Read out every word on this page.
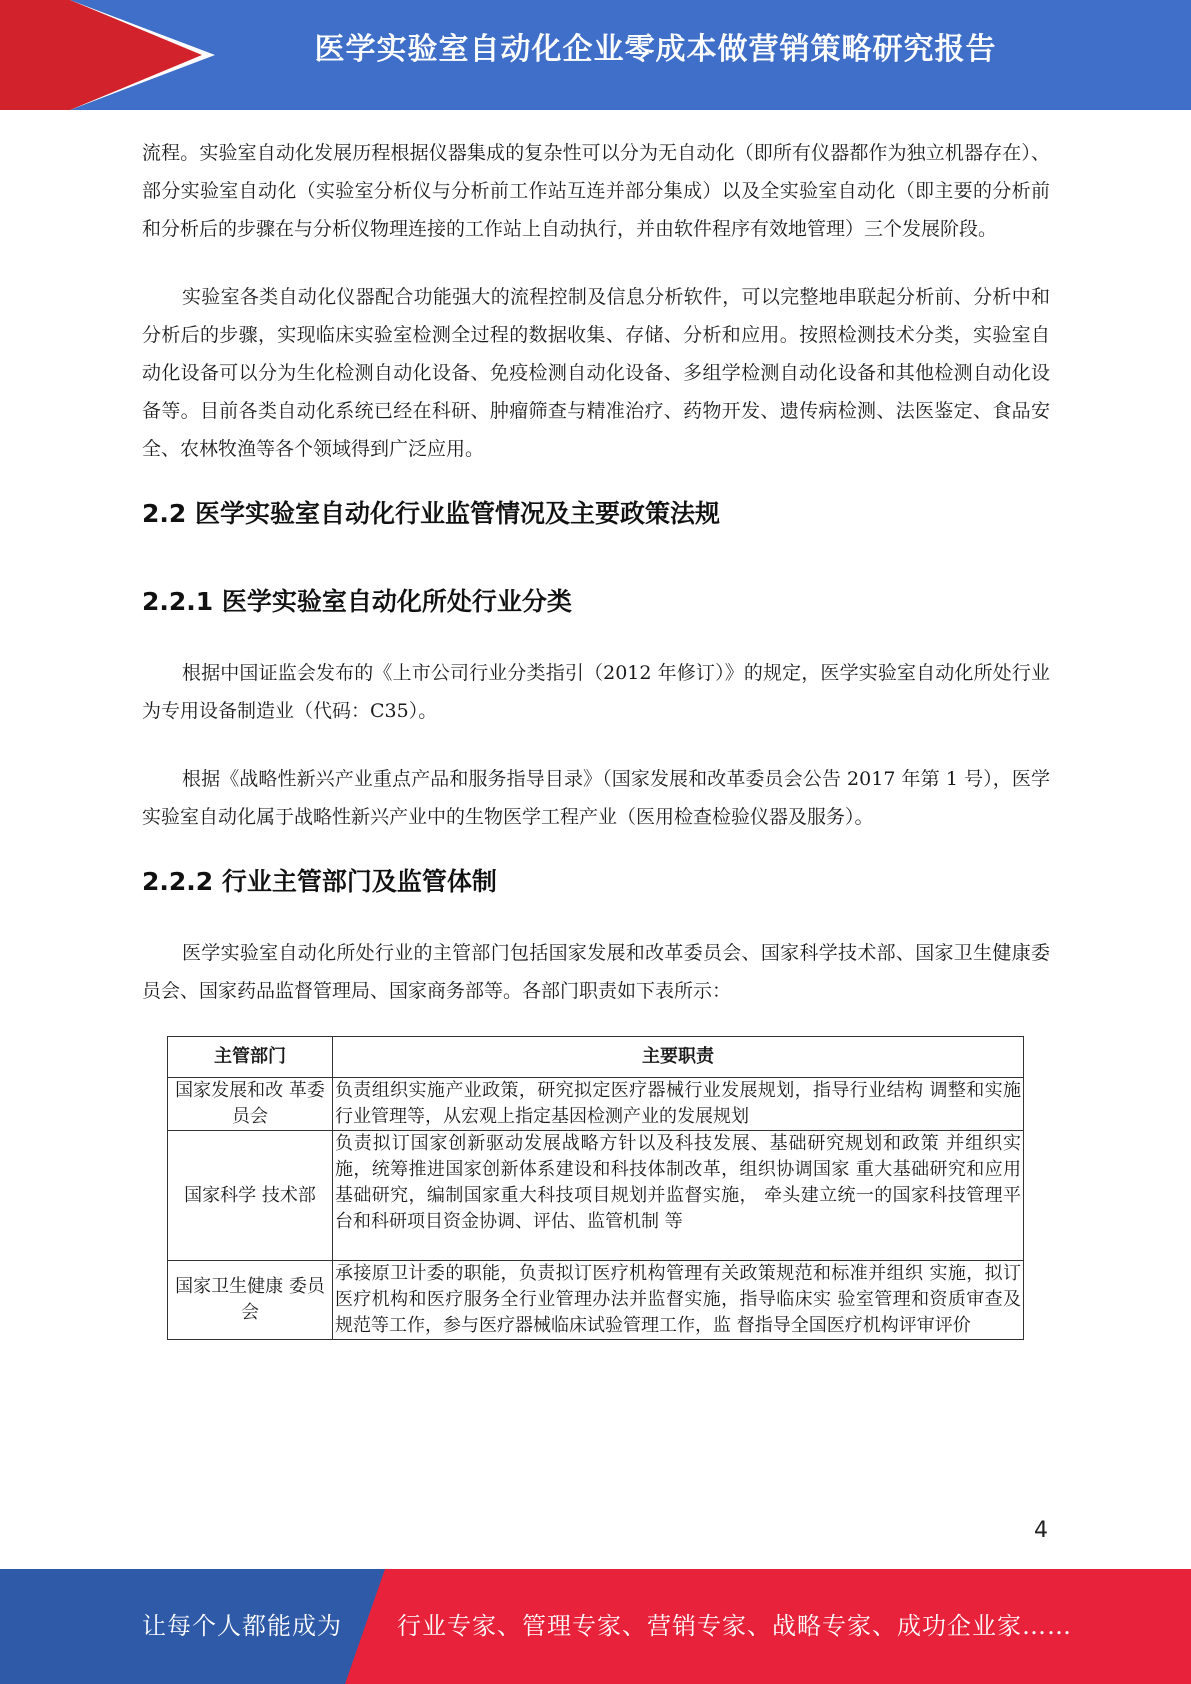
医学实验室自动化企业零成本做营销策略研究报告

流程。实验室自动化发展历程根据仪器集成的复杂性可以分为无自动化（即所有仪器都作为独立机器存在）、部分实验室自动化（实验室分析仪与分析前工作站互连并部分集成）以及全实验室自动化（即主要的分析前和分析后的步骤在与分析仪物理连接的工作站上自动执行，并由软件程序有效地管理）三个发展阶段。

实验室各类自动化仪器配合功能强大的流程控制及信息分析软件，可以完整地串联起分析前、分析中和分析后的步骤，实现临床实验室检测全过程的数据收集、存储、分析和应用。按照检测技术分类，实验室自动化设备可以分为生化检测自动化设备、免疫检测自动化设备、多组学检测自动化设备和其他检测自动化设备等。目前各类自动化系统已经在科研、肿瘤筛查与精准治疗、药物开发、遗传病检测、法医鉴定、食品安全、农林牧渔等各个领域得到广泛应用。

2.2 医学实验室自动化行业监管情况及主要政策法规
2.2.1 医学实验室自动化所处行业分类

根据中国证监会发布的《上市公司行业分类指引（2012 年修订）》的规定，医学实验室自动化所处行业为专用设备制造业（代码：C35）。

根据《战略性新兴产业重点产品和服务指导目录》（国家发展和改革委员会公告 2017 年第 1 号），医学实验室自动化属于战略性新兴产业中的生物医学工程产业（医用检查检验仪器及服务）。

2.2.2 行业主管部门及监管体制

医学实验室自动化所处行业的主管部门包括国家发展和改革委员会、国家科学技术部、国家卫生健康委员会、国家药品监督管理局、国家商务部等。各部门职责如下表所示：

主管部门	主要职责
国家发展和改 革委员会	负责组织实施产业政策，研究拟定医疗器械行业发展规划，指导行业结构 调整和实施行业管理等，从宏观上指定基因检测产业的发展规划
国家科学 技术部	负责拟订国家创新驱动发展战略方针以及科技发展、基础研究规划和政策 并组织实施，统筹推进国家创新体系建设和科技体制改革，组织协调国家 重大基础研究和应用基础研究，编制国家重大科技项目规划并监督实施， 牵头建立统一的国家科技管理平台和科研项目资金协调、评估、监管机制 等
国家卫生健康 委员会	承接原卫计委的职能，负责拟订医疗机构管理有关政策规范和标准并组织 实施，拟订医疗机构和医疗服务全行业管理办法并监督实施，指导临床实 验室管理和资质审查及规范等工作，参与医疗器械临床试验管理工作，监 督指导全国医疗机构评审评价
4
让每个人都能成为 行业专家、管理专家、营销专家、战略专家、成功企业家……
